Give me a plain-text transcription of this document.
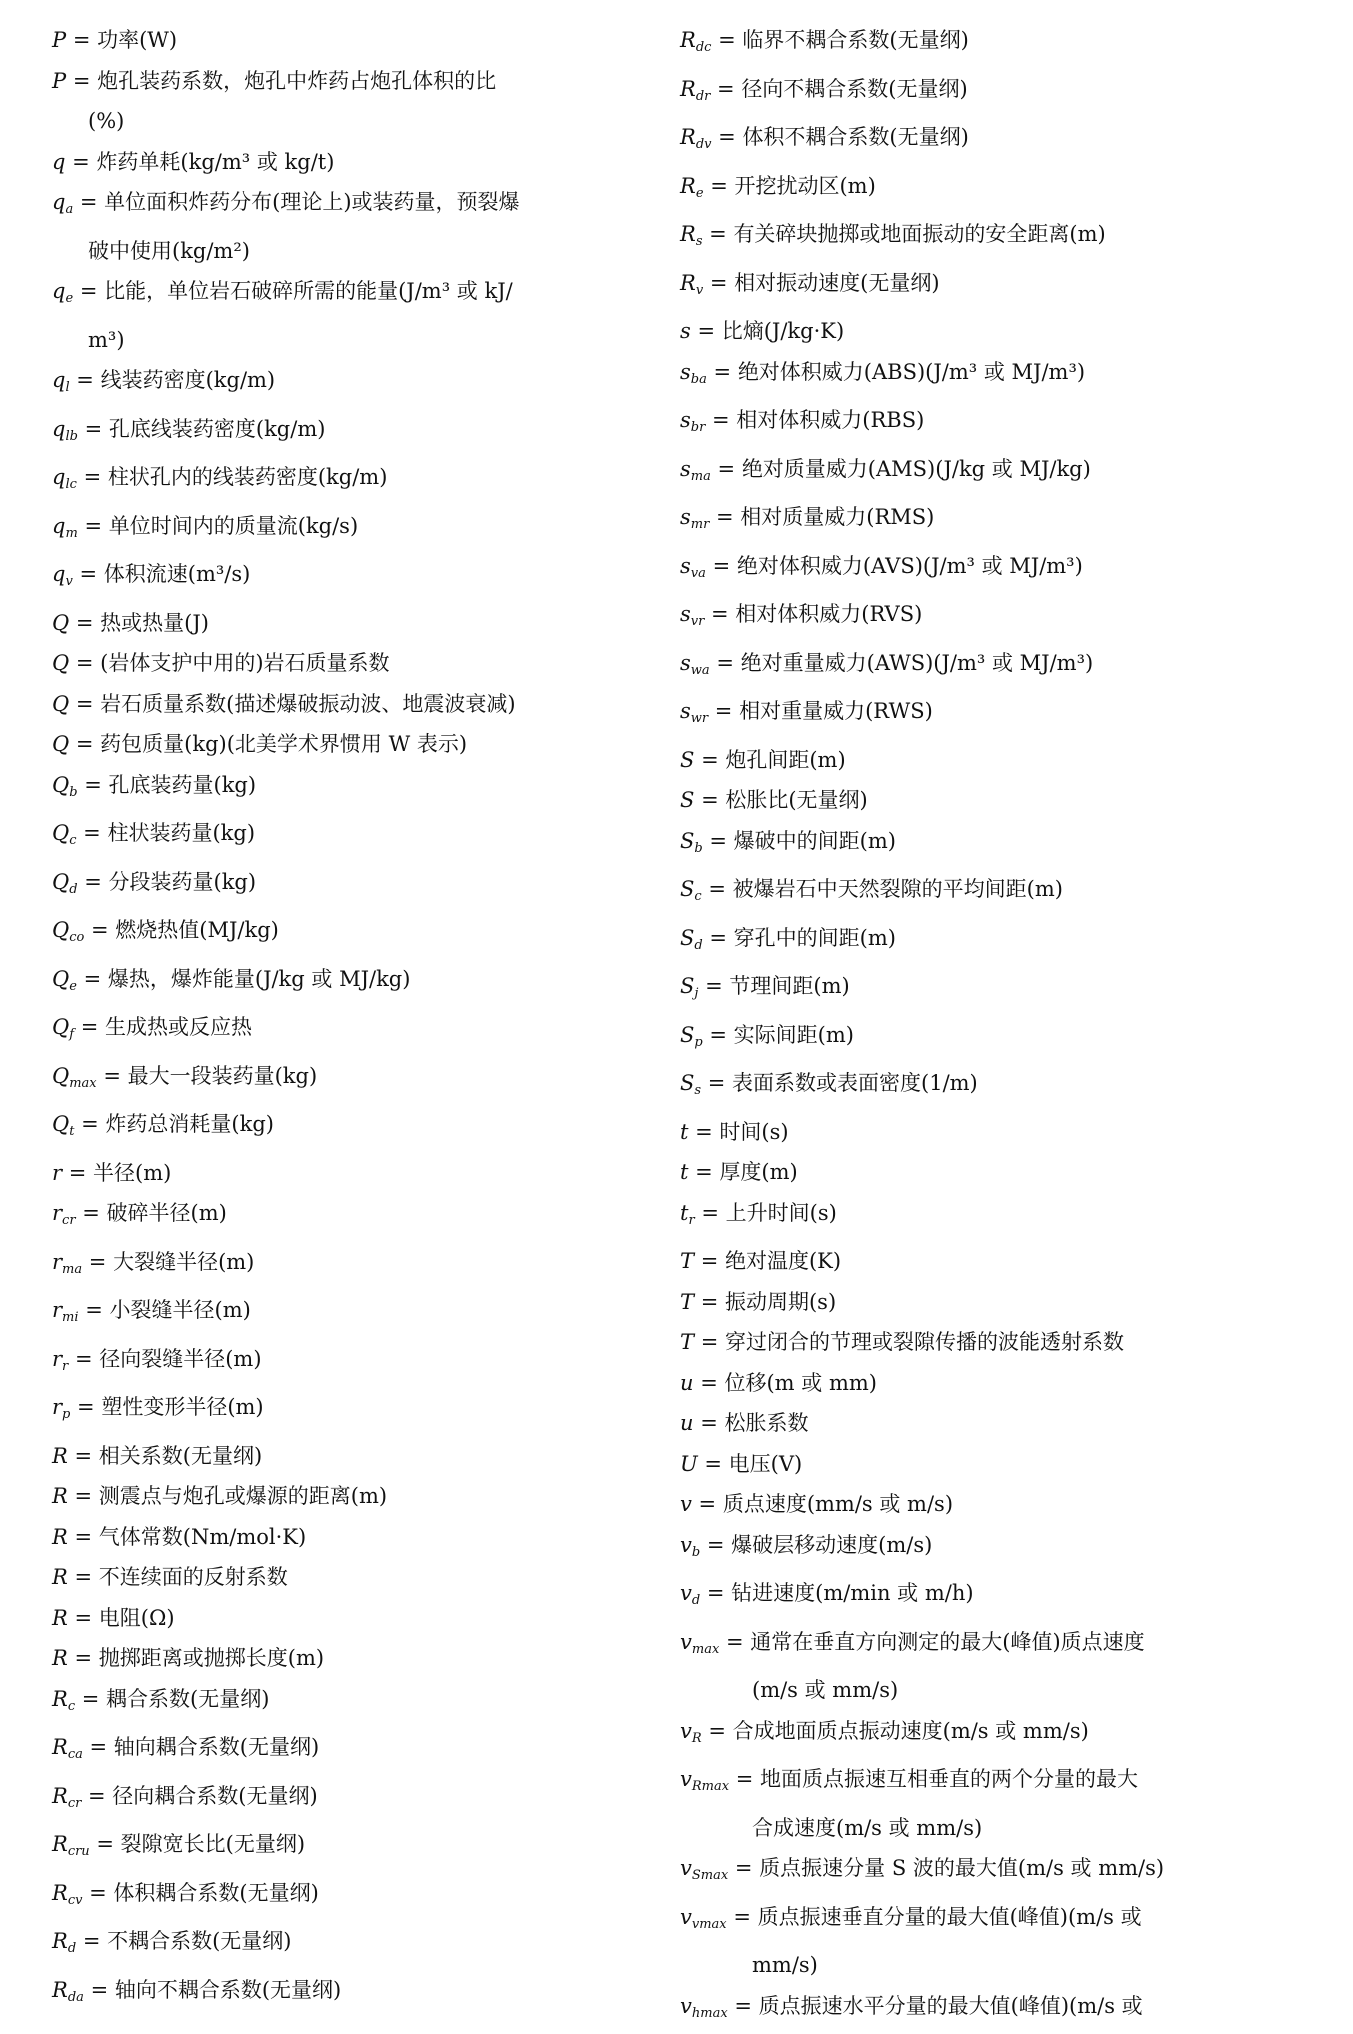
P = 功率(W)

P = 炮孔装药系数，炮孔中炸药占炮孔体积的比
(%)

q = 炸药单耗(kg/m³ 或 kg/t)

$q_a$ = 单位面积炸药分布(理论上)或装药量，预裂爆
破中使用(kg/m²)

$q_e$ = 比能，单位岩石破碎所需的能量(J/m³ 或 kJ/
m³)

$q_l$ = 线装药密度(kg/m)

$q_{lb}$ = 孔底线装药密度(kg/m)

$q_{lc}$ = 柱状孔内的线装药密度(kg/m)

$q_m$ = 单位时间内的质量流(kg/s)

$q_v$ = 体积流速(m³/s)

Q = 热或热量(J)

Q = (岩体支护中用的)岩石质量系数

Q = 岩石质量系数(描述爆破振动波、地震波衰减)

Q = 药包质量(kg)(北美学术界惯用 W 表示)

$Q_b$ = 孔底装药量(kg)

$Q_c$ = 柱状装药量(kg)

$Q_d$ = 分段装药量(kg)

$Q_{co}$ = 燃烧热值(MJ/kg)

$Q_e$ = 爆热，爆炸能量(J/kg 或 MJ/kg)

$Q_f$ = 生成热或反应热

$Q_{max}$ = 最大一段装药量(kg)

$Q_t$ = 炸药总消耗量(kg)

r = 半径(m)

$r_{cr}$ = 破碎半径(m)

$r_{ma}$ = 大裂缝半径(m)

$r_{mi}$ = 小裂缝半径(m)

$r_r$ = 径向裂缝半径(m)

$r_p$ = 塑性变形半径(m)

R = 相关系数(无量纲)

R = 测震点与炮孔或爆源的距离(m)

R = 气体常数(Nm/mol·K)

R = 不连续面的反射系数

R = 电阻(Ω)

R = 抛掷距离或抛掷长度(m)

$R_c$ = 耦合系数(无量纲)

$R_{ca}$ = 轴向耦合系数(无量纲)

$R_{cr}$ = 径向耦合系数(无量纲)

$R_{cru}$ = 裂隙宽长比(无量纲)

$R_{cv}$ = 体积耦合系数(无量纲)

$R_d$ = 不耦合系数(无量纲)

$R_{da}$ = 轴向不耦合系数(无量纲)

$R_{dc}$ = 临界不耦合系数(无量纲)

$R_{dr}$ = 径向不耦合系数(无量纲)

$R_{dv}$ = 体积不耦合系数(无量纲)

$R_e$ = 开挖扰动区(m)

$R_s$ = 有关碎块抛掷或地面振动的安全距离(m)

$R_v$ = 相对振动速度(无量纲)

s = 比熵(J/kg·K)

$s_{ba}$ = 绝对体积威力(ABS)(J/m³ 或 MJ/m³)

$s_{br}$ = 相对体积威力(RBS)

$s_{ma}$ = 绝对质量威力(AMS)(J/kg 或 MJ/kg)

$s_{mr}$ = 相对质量威力(RMS)

$s_{va}$ = 绝对体积威力(AVS)(J/m³ 或 MJ/m³)

$s_{vr}$ = 相对体积威力(RVS)

$s_{wa}$ = 绝对重量威力(AWS)(J/m³ 或 MJ/m³)

$s_{wr}$ = 相对重量威力(RWS)

S = 炮孔间距(m)

S = 松胀比(无量纲)

$S_b$ = 爆破中的间距(m)

$S_c$ = 被爆岩石中天然裂隙的平均间距(m)

$S_d$ = 穿孔中的间距(m)

$S_j$ = 节理间距(m)

$S_p$ = 实际间距(m)

$S_s$ = 表面系数或表面密度(1/m)

t = 时间(s)

t = 厚度(m)

$t_r$ = 上升时间(s)

T = 绝对温度(K)

T = 振动周期(s)

T = 穿过闭合的节理或裂隙传播的波能透射系数

u = 位移(m 或 mm)

u = 松胀系数

U = 电压(V)

v = 质点速度(mm/s 或 m/s)

$v_b$ = 爆破层移动速度(m/s)

$v_d$ = 钻进速度(m/min 或 m/h)

$v_{max}$ = 通常在垂直方向测定的最大(峰值)质点速度
(m/s 或 mm/s)

$v_R$ = 合成地面质点振动速度(m/s 或 mm/s)

$v_{Rmax}$ = 地面质点振速互相垂直的两个分量的最大
合成速度(m/s 或 mm/s)

$v_{Smax}$ = 质点振速分量 S 波的最大值(m/s 或 mm/s)

$v_{vmax}$ = 质点振速垂直分量的最大值(峰值)(m/s 或
mm/s)

$v_{hmax}$ = 质点振速水平分量的最大值(峰值)(m/s 或
